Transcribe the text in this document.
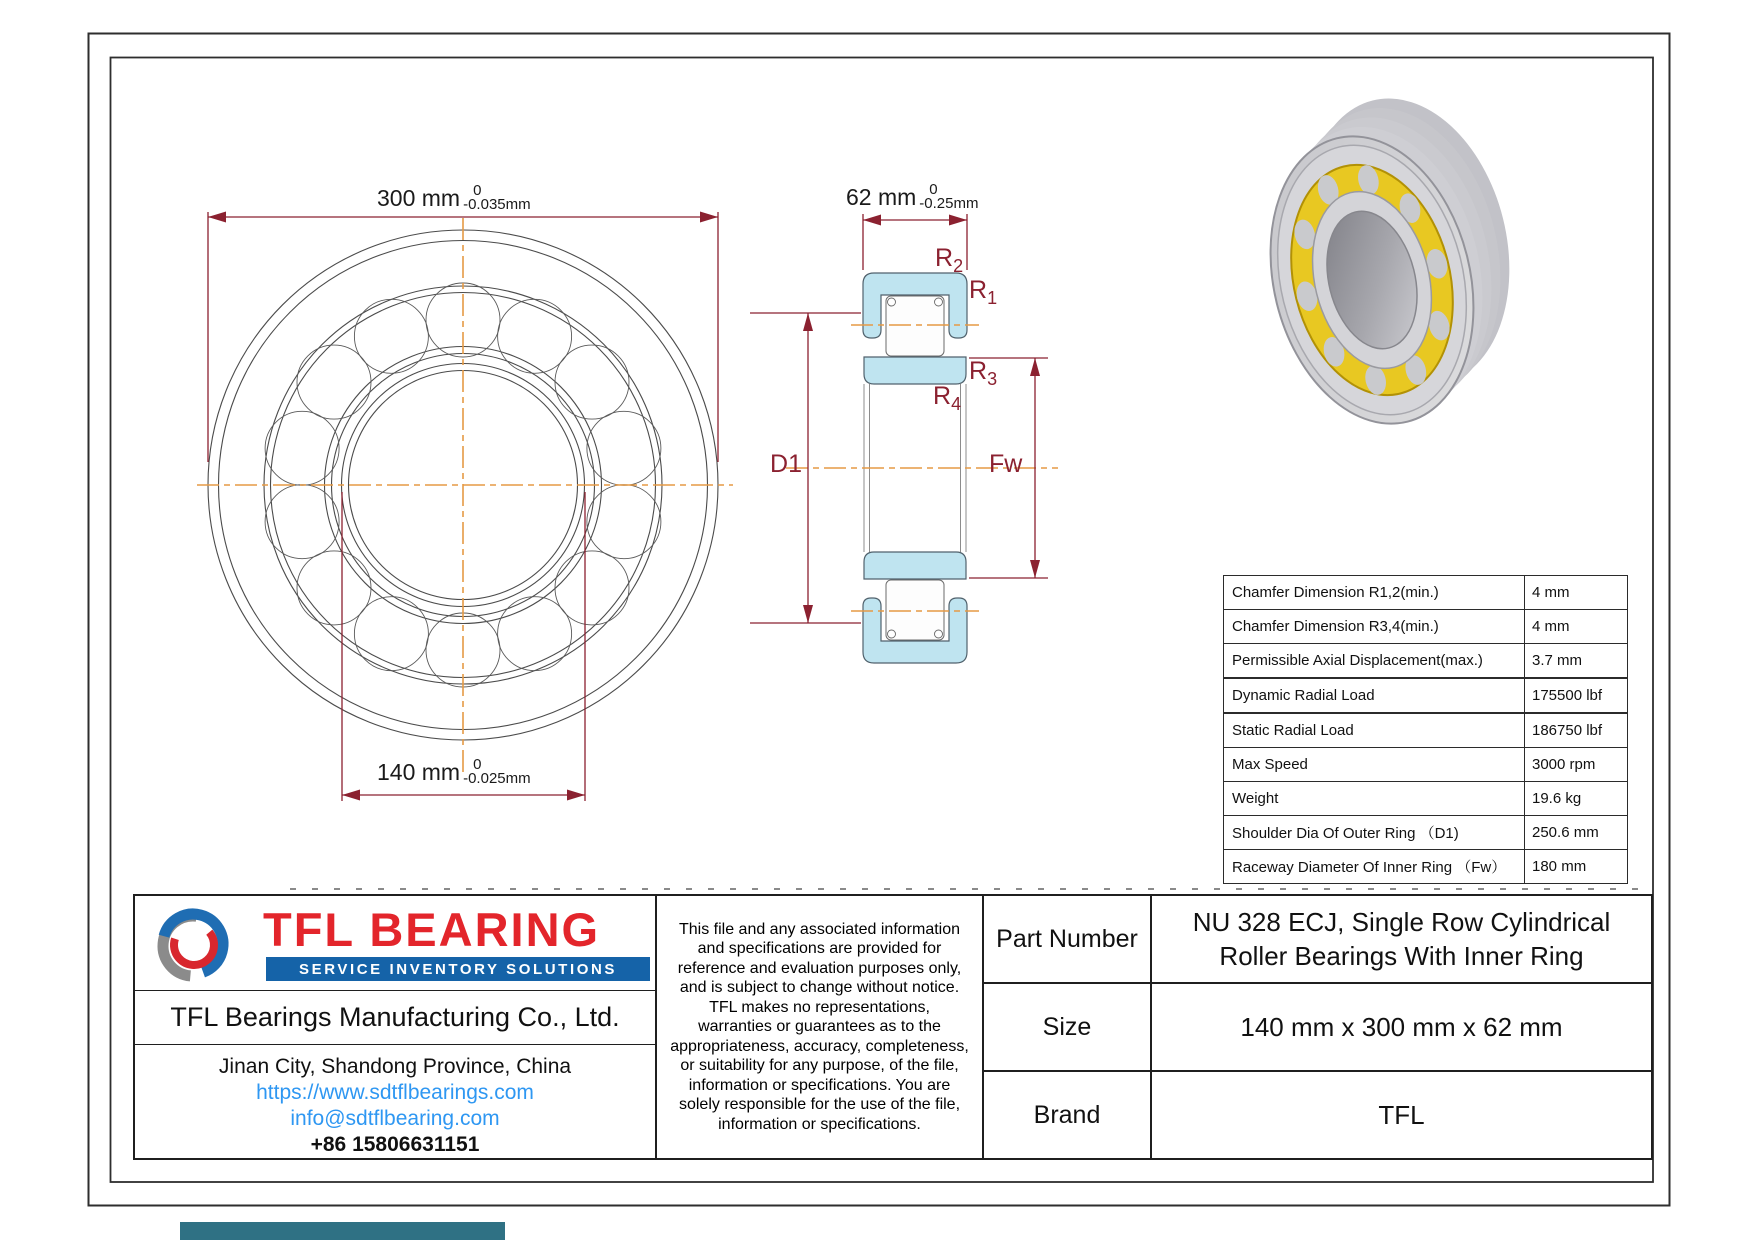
300 mm 0
-0.035mm
140 mm 0
-0.025mm
62 mm 0
-0.25mm
$R_2$
$R_1$
$R_3$
$R_4$
D1	Fw
Chamfer Dimension R1,2(min.)	4 mm
Chamfer Dimension R3,4(min.)	4 mm
Permissible Axial Displacement(max.)	3.7 mm
Dynamic Radial Load	175500 lbf
Static Radial Load	186750 lbf
Max Speed	3000 rpm
Weight	19.6 kg
Shoulder Dia Of Outer Ring （D1)	250.6 mm
Raceway Diameter Of Inner Ring （Fw）	180 mm
TFL BEARING
SERVICE INVENTORY SOLUTIONS
TFL Bearings Manufacturing Co., Ltd.
Jinan City, Shandong Province, China
https://www.sdtflbearings.com
info@sdtflbearing.com
+86 15806631151
This file and any associated information and specifications are provided for reference and evaluation purposes only, and is subject to change without notice. TFL makes no representations, warranties or guarantees as to the appropriateness, accuracy, completeness, or suitability for any purpose, of the file, information or specifications. You are solely responsible for the use of the file, information or specifications.
Part Number
NU 328 ECJ, Single Row Cylindrical Roller Bearings With Inner Ring
Size	140 mm x 300 mm x 62 mm
Brand	TFL
